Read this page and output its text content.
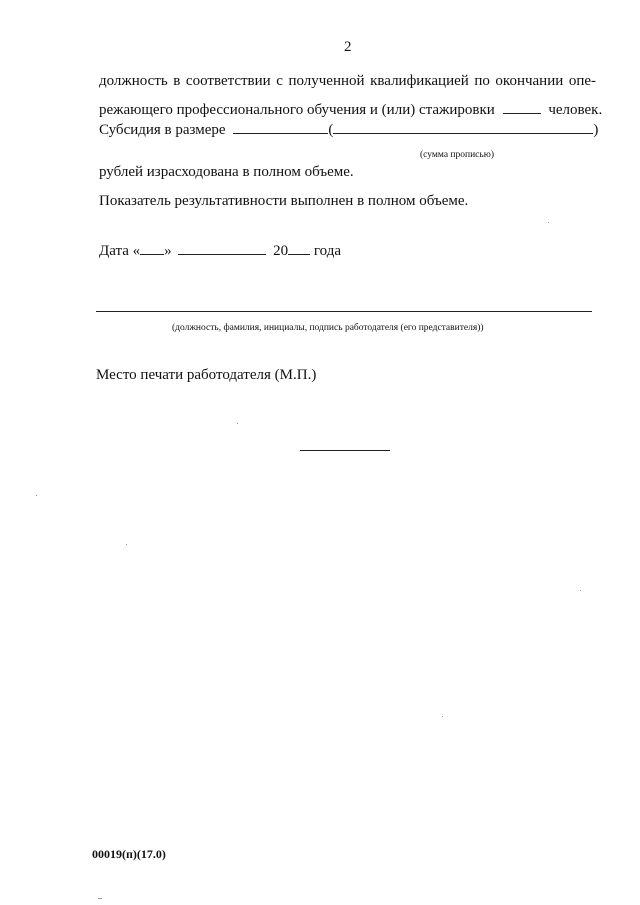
2
должность в соответствии с полученной квалификацией по окончании опе-
режающего профессионального обучения и (или) стажировки	человек.
Субсидия в размере	(	)
(сумма прописью)
рублей израсходована в полном объеме.
Показатель результативности выполнен в полном объеме.
Дата « »	20 года
(должность, фамилия, инициалы, подпись работодателя (его представителя))
Место печати работодателя (М.П.)
00019(п)(17.0)
